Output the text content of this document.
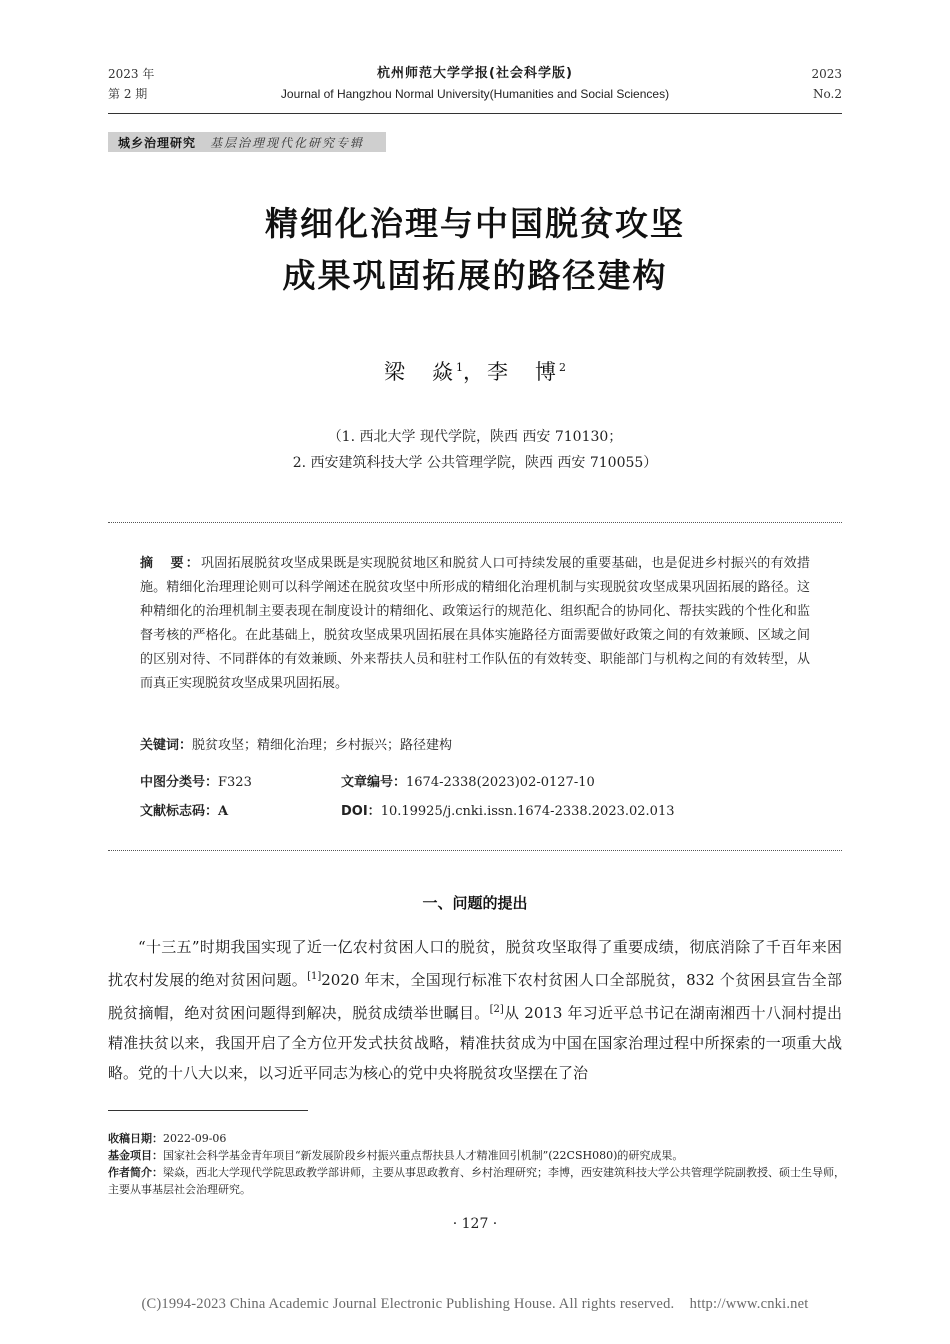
2023 年
第 2 期
杭州师范大学学报(社会科学版)
Journal of Hangzhou Normal University(Humanities and Social Sciences)
2023
No.2
城乡治理研究 基层治理现代化研究专辑
精细化治理与中国脱贫攻坚
成果巩固拓展的路径建构
梁　焱$^1$，李　博$^2$
（1. 西北大学 现代学院，陕西 西安 710130；
2. 西安建筑科技大学 公共管理学院，陕西 西安 710055）
摘　要：巩固拓展脱贫攻坚成果既是实现脱贫地区和脱贫人口可持续发展的重要基础，也是促进乡村振兴的有效措施。精细化治理理论则可以科学阐述在脱贫攻坚中所形成的精细化治理机制与实现脱贫攻坚成果巩固拓展的路径。这种精细化的治理机制主要表现在制度设计的精细化、政策运行的规范化、组织配合的协同化、帮扶实践的个性化和监督考核的严格化。在此基础上，脱贫攻坚成果巩固拓展在具体实施路径方面需要做好政策之间的有效兼顾、区域之间的区别对待、不同群体的有效兼顾、外来帮扶人员和驻村工作队伍的有效转变、职能部门与机构之间的有效转型，从而真正实现脱贫攻坚成果巩固拓展。
关键词：脱贫攻坚；精细化治理；乡村振兴；路径建构
中图分类号：F323	文章编号：1674-2338(2023)02-0127-10
文献标志码：A	DOI：10.19925/j.cnki.issn.1674-2338.2023.02.013
一、问题的提出
“十三五”时期我国实现了近一亿农村贫困人口的脱贫，脱贫攻坚取得了重要成绩，彻底消除了千百年来困扰农村发展的绝对贫困问题。[1]2020 年末，全国现行标准下农村贫困人口全部脱贫，832 个贫困县宣告全部脱贫摘帽，绝对贫困问题得到解决，脱贫成绩举世瞩目。[2]从 2013 年习近平总书记在湖南湘西十八洞村提出精准扶贫以来，我国开启了全方位开发式扶贫战略，精准扶贫成为中国在国家治理过程中所探索的一项重大战略。党的十八大以来，以习近平同志为核心的党中央将脱贫攻坚摆在了治
收稿日期：2022-09-06
基金项目：国家社会科学基金青年项目“新发展阶段乡村振兴重点帮扶县人才精准回引机制”(22CSH080)的研究成果。
作者简介：梁焱，西北大学现代学院思政教学部讲师，主要从事思政教育、乡村治理研究；李博，西安建筑科技大学公共管理学院副教授、硕士生导师，主要从事基层社会治理研究。
· 127 ·
(C)1994-2023 China Academic Journal Electronic Publishing House. All rights reserved.    http://www.cnki.net
